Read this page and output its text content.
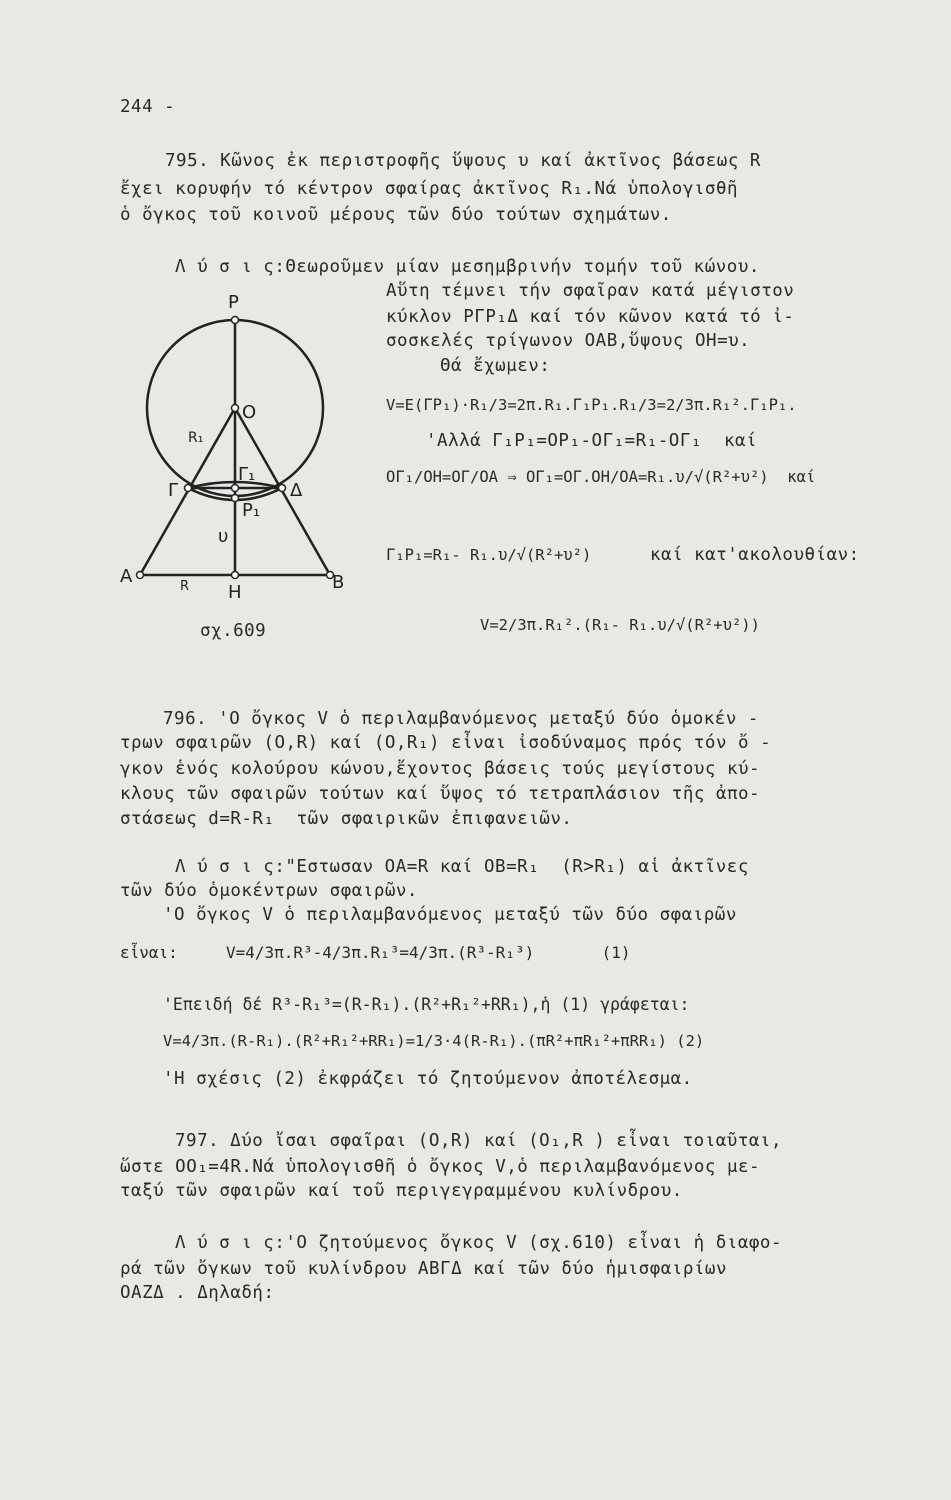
244 -
795. Κῶνος ἐκ περιστροφῆς ὕψους υ καί ἀκτῖνος βάσεως R
ἔχει κορυφήν τό κέντρον σφαίρας ἀκτῖνος R₁.Νά ὑπολογισθῆ
ὁ ὄγκος τοῦ κοινοῦ μέρους τῶν δύο τούτων σχημάτων.
Λ ύ σ ι ς:Θεωροῦμεν μίαν μεσημβρινήν τομήν τοῦ κώνου.
Αὕτη τέμνει τήν σφαῖραν κατά μέγιστον
κύκλον ΡΓΡ₁Δ καί τόν κῶνον κατά τό ἰ-
σοσκελές τρίγωνον ΟΑΒ,ὕψους ΟΗ=υ.
Θά ἔχωμεν:
V=E(ΓΡ₁)·R₁/3=2π.R₁.Γ₁Ρ₁.R₁/3=2/3π.R₁².Γ₁Ρ₁.
'Αλλά Γ₁Ρ₁=ΟΡ₁-ΟΓ₁=R₁-ΟΓ₁  καί
ΟΓ₁/ΟΗ=ΟΓ/ΟΑ ⇒ ΟΓ₁=ΟΓ.ΟΗ/ΟΑ=R₁.υ/√(R²+υ²)  καί
Γ₁Ρ₁=R₁- R₁.υ/√(R²+υ²)	καί κατ'ακολουθίαν:
V=2/3π.R₁².(R₁- R₁.υ/√(R²+υ²))
P
O
R₁
Γ₁
Γ	Δ
P₁
υ
A	R H	B
σχ.609
796. 'Ο ὄγκος V ὁ περιλαμβανόμενος μεταξύ δύο ὁμοκέν -
τρων σφαιρῶν (Ο,R) καί (Ο,R₁) εἶναι ἰσοδύναμος πρός τόν ὄ -
γκον ἑνός κολούρου κώνου,ἔχοντος βάσεις τούς μεγίστους κύ-
κλους τῶν σφαιρῶν τούτων καί ὕψος τό τετραπλάσιον τῆς ἀπο-
στάσεως d=R-R₁  τῶν σφαιρικῶν ἐπιφανειῶν.
Λ ύ σ ι ς:"Εστωσαν ΟΑ=R καί ΟΒ=R₁  (R>R₁) αἱ ἀκτῖνες
τῶν δύο ὁμοκέντρων σφαιρῶν.
'Ο ὄγκος V ὁ περιλαμβανόμενος μεταξύ τῶν δύο σφαιρῶν
εἶναι:     V=4/3π.R³-4/3π.R₁³=4/3π.(R³-R₁³)       (1)
'Επειδή δέ R³-R₁³=(R-R₁).(R²+R₁²+RR₁),ἡ (1) γράφεται:
V=4/3π.(R-R₁).(R²+R₁²+RR₁)=1/3·4(R-R₁).(πR²+πR₁²+πRR₁) (2)
'Η σχέσις (2) ἐκφράζει τό ζητούμενον ἀποτέλεσμα.
797. Δύο ἴσαι σφαῖραι (Ο,R) καί (Ο₁,R ) εἶναι τοιαῦται,
ὥστε ΟΟ₁=4R.Νά ὑπολογισθῆ ὁ ὄγκος V,ὁ περιλαμβανόμενος με-
ταξύ τῶν σφαιρῶν καί τοῦ περιγεγραμμένου κυλίνδρου.
Λ ύ σ ι ς:'Ο ζητούμενος ὄγκος V (σχ.610) εἶναι ἡ διαφο-
ρά τῶν ὄγκων τοῦ κυλίνδρου ΑΒΓΔ καί τῶν δύο ἡμισφαιρίων
ΟΑΖΔ . Δηλαδή:
